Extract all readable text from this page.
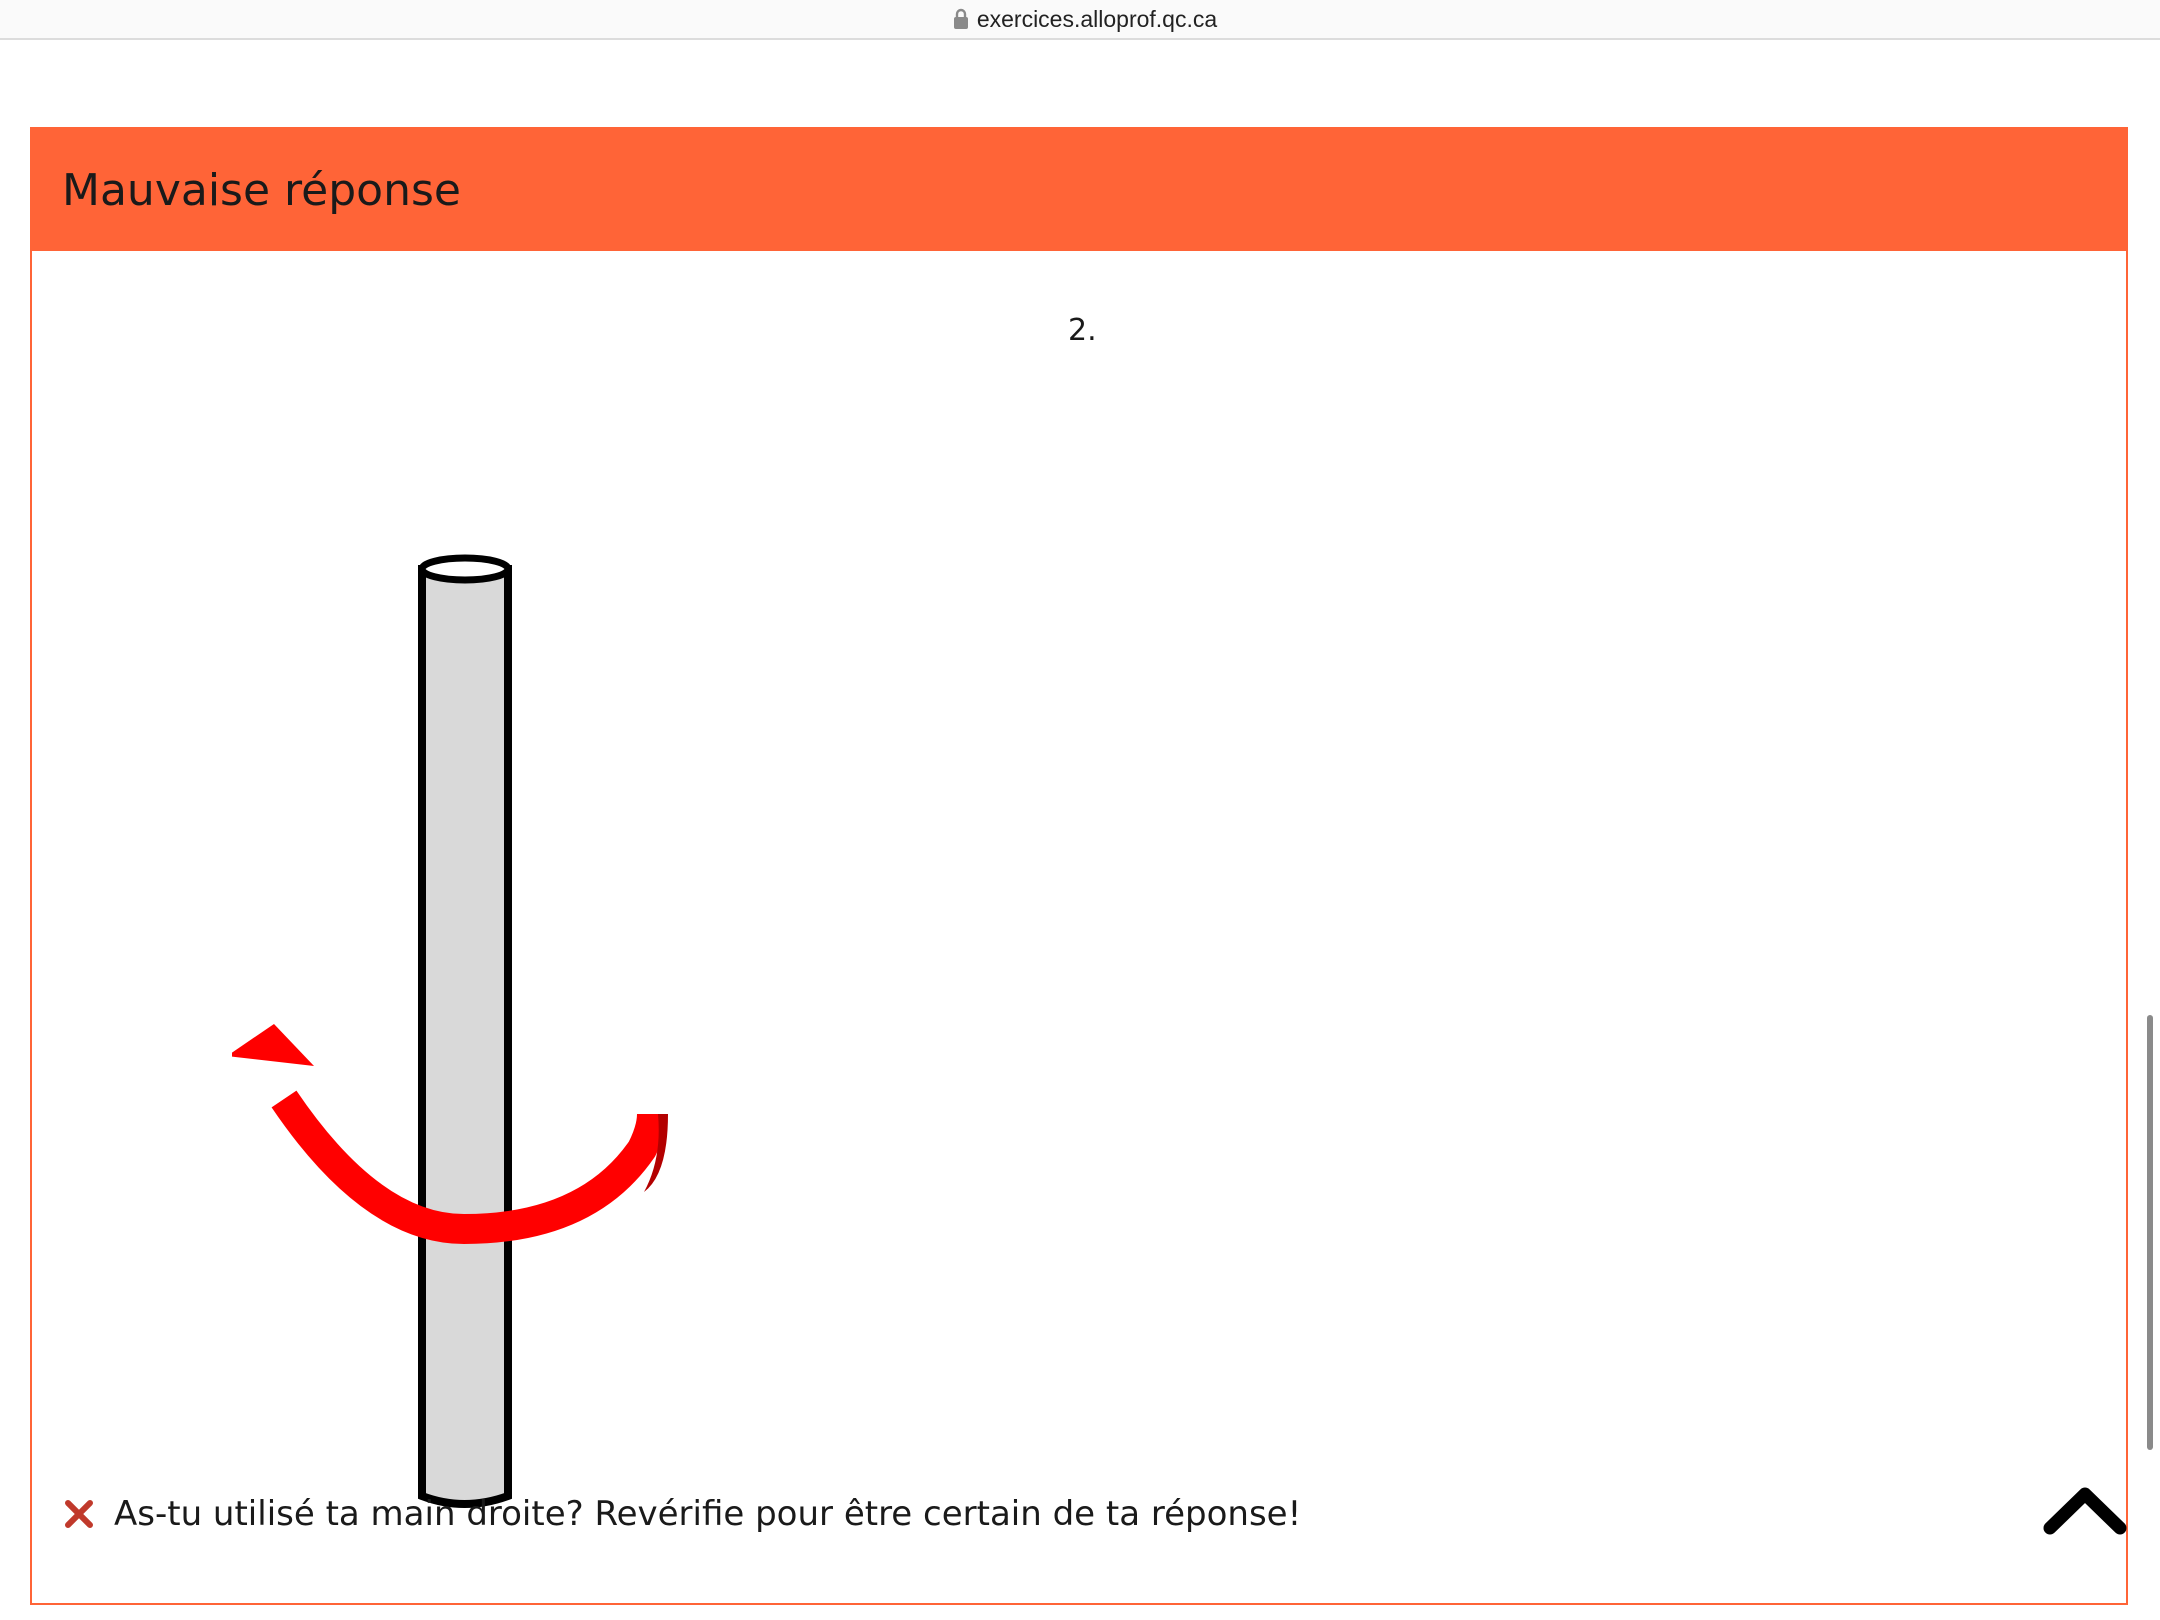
exercices.alloprof.qc.ca
Mauvaise réponse
2.
As-tu utilisé ta main droite? Revérifie pour être certain de ta réponse!
